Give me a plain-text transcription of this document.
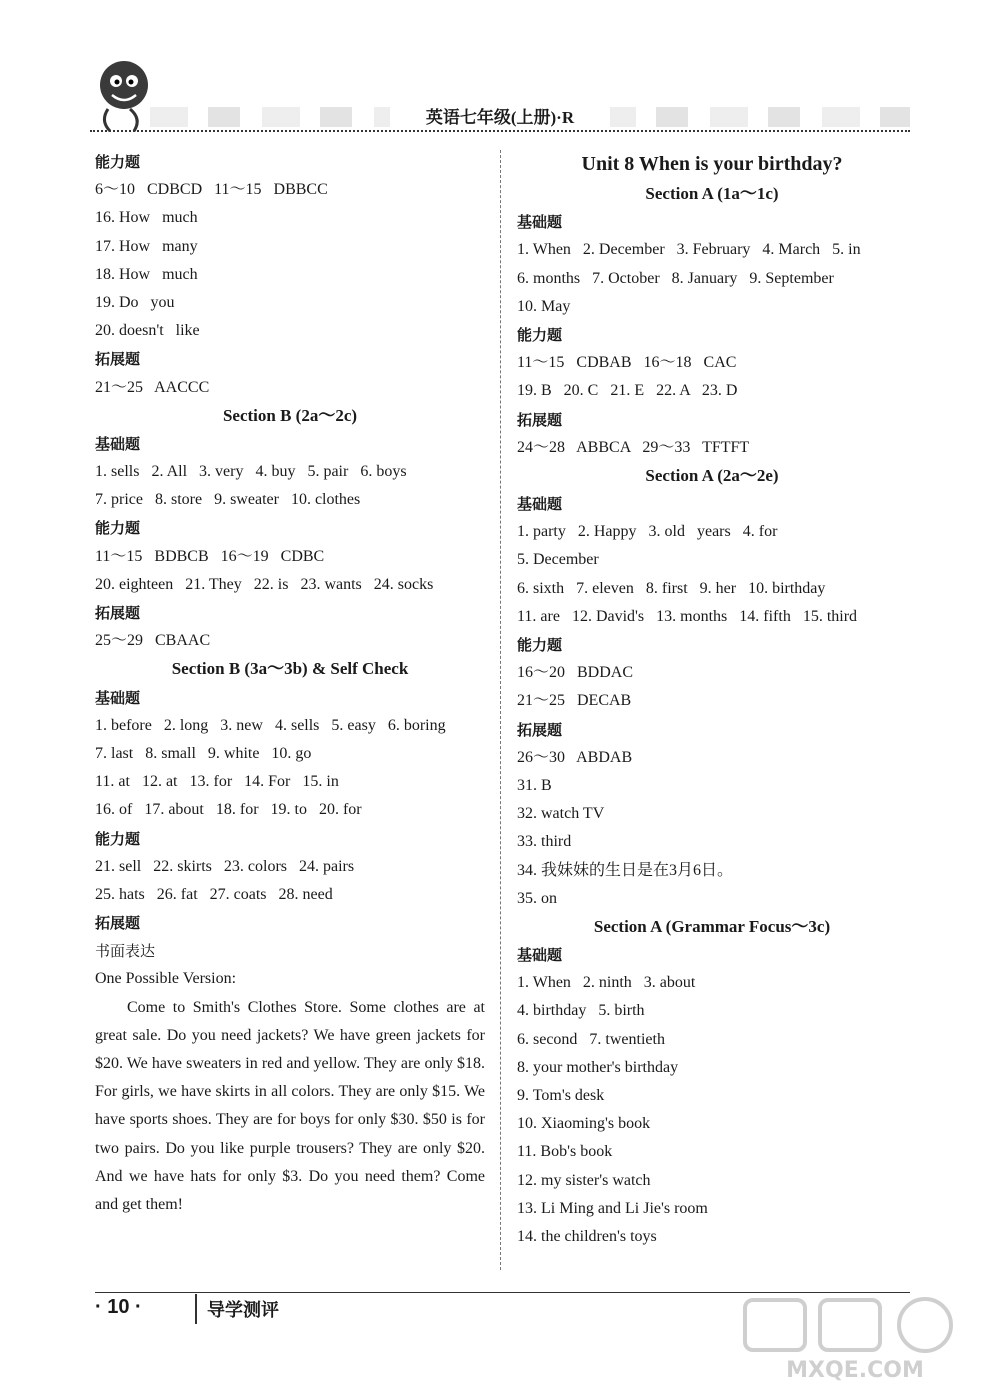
英语七年级(上册)·R
能力题
6～10   CDBCD   11～15   DBBCC
16. How   much
17. How   many
18. How   much
19. Do   you
20. doesn't   like
拓展题
21～25   AACCC
Section B (2a～2c)
基础题
1. sells   2. All   3. very   4. buy   5. pair   6. boys
7. price   8. store   9. sweater   10. clothes
能力题
11～15   BDBCB   16～19   CDBC
20. eighteen   21. They   22. is   23. wants   24. socks
拓展题
25～29   CBAAC
Section B (3a～3b) & Self Check
基础题
1. before   2. long   3. new   4. sells   5. easy   6. boring
7. last   8. small   9. white   10. go
11. at   12. at   13. for   14. For   15. in
16. of   17. about   18. for   19. to   20. for
能力题
21. sell   22. skirts   23. colors   24. pairs
25. hats   26. fat   27. coats   28. need
拓展题
书面表达
One Possible Version:
Come to Smith's Clothes Store. Some clothes are at great sale. Do you need jackets? We have green jackets for $20. We have sweaters in red and yellow. They are only $18. For girls, we have skirts in all colors. They are only $15. We have sports shoes. They are for boys for only $30. $50 is for two pairs. Do you like purple trousers? They are only $20. And we have hats for only $3. Do you need them? Come and get them!
Unit 8 When is your birthday?
Section A (1a～1c)
基础题
1. When   2. December   3. February   4. March   5. in
6. months   7. October   8. January   9. September
10. May
能力题
11～15   CDBAB   16～18   CAC
19. B   20. C   21. E   22. A   23. D
拓展题
24～28   ABBCA   29～33   TFTFT
Section A (2a～2e)
基础题
1. party   2. Happy   3. old   years   4. for
5. December
6. sixth   7. eleven   8. first   9. her   10. birthday
11. are   12. David's   13. months   14. fifth   15. third
能力题
16～20   BDDAC
21～25   DECAB
拓展题
26～30   ABDAB
31. B
32. watch TV
33. third
34. 我妹妹的生日是在3月6日。
35. on
Section A (Grammar Focus～3c)
基础题
1. When   2. ninth   3. about
4. birthday   5. birth
6. second   7. twentieth
8. your mother's birthday
9. Tom's desk
10. Xiaoming's book
11. Bob's book
12. my sister's watch
13. Li Ming and Li Jie's room
14. the children's toys
· 10 ·	导学测评
MXQE.COM
